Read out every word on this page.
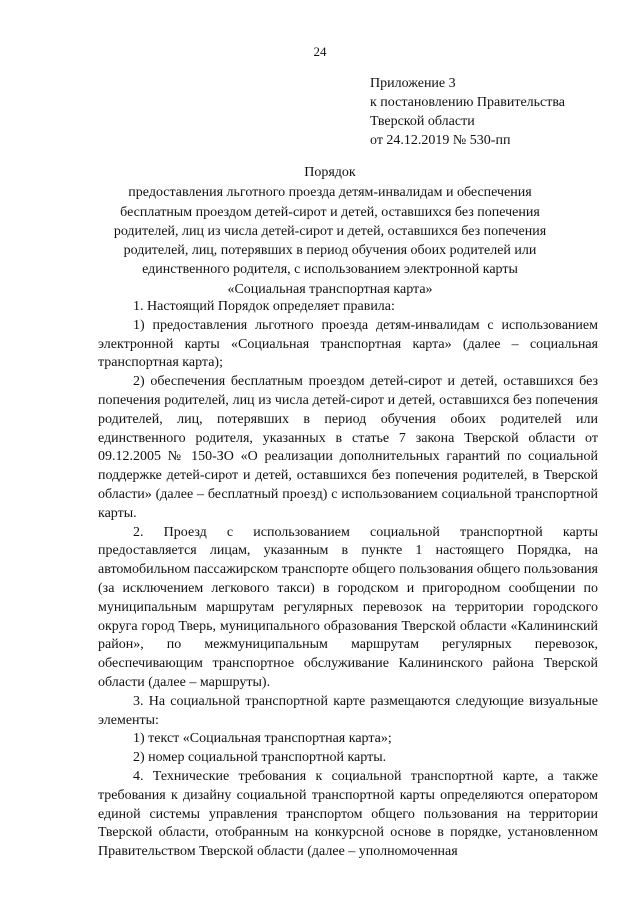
24
Приложение 3
к постановлению Правительства
Тверской области
от 24.12.2019 № 530-пп
Порядок
предоставления льготного проезда детям-инвалидам и обеспечения
бесплатным проездом детей-сирот и детей, оставшихся без попечения
родителей, лиц из числа детей-сирот и детей, оставшихся без попечения
родителей, лиц, потерявших в период обучения обоих родителей или
единственного родителя, с использованием электронной карты
«Социальная транспортная карта»

1. Настоящий Порядок определяет правила:

1) предоставления льготного проезда детям-инвалидам с использованием электронной карты «Социальная транспортная карта» (далее – социальная транспортная карта);

2) обеспечения бесплатным проездом детей-сирот и детей, оставшихся без попечения родителей, лиц из числа детей-сирот и детей, оставшихся без попечения родителей, лиц, потерявших в период обучения обоих родителей или единственного родителя, указанных в статье 7 закона Тверской области от 09.12.2005 № 150-ЗО «О реализации дополнительных гарантий по социальной поддержке детей-сирот и детей, оставшихся без попечения родителей, в Тверской области» (далее – бесплатный проезд) с использованием социальной транспортной карты.

2. Проезд с использованием социальной транспортной карты предоставляется лицам, указанным в пункте 1 настоящего Порядка, на автомобильном пассажирском транспорте общего пользования общего пользования (за исключением легкового такси) в городском и пригородном сообщении по муниципальным маршрутам регулярных перевозок на территории городского округа город Тверь, муниципального образования Тверской области «Калининский район», по межмуниципальным маршрутам регулярных перевозок, обеспечивающим транспортное обслуживание Калининского района Тверской области (далее – маршруты).

3. На социальной транспортной карте размещаются следующие визуальные элементы:

1) текст «Социальная транспортная карта»;

2) номер социальной транспортной карты.

4. Технические требования к социальной транспортной карте, а также требования к дизайну социальной транспортной карты определяются оператором единой системы управления транспортом общего пользования на территории Тверской области, отобранным на конкурсной основе в порядке, установленном Правительством Тверской области (далее – уполномоченная
